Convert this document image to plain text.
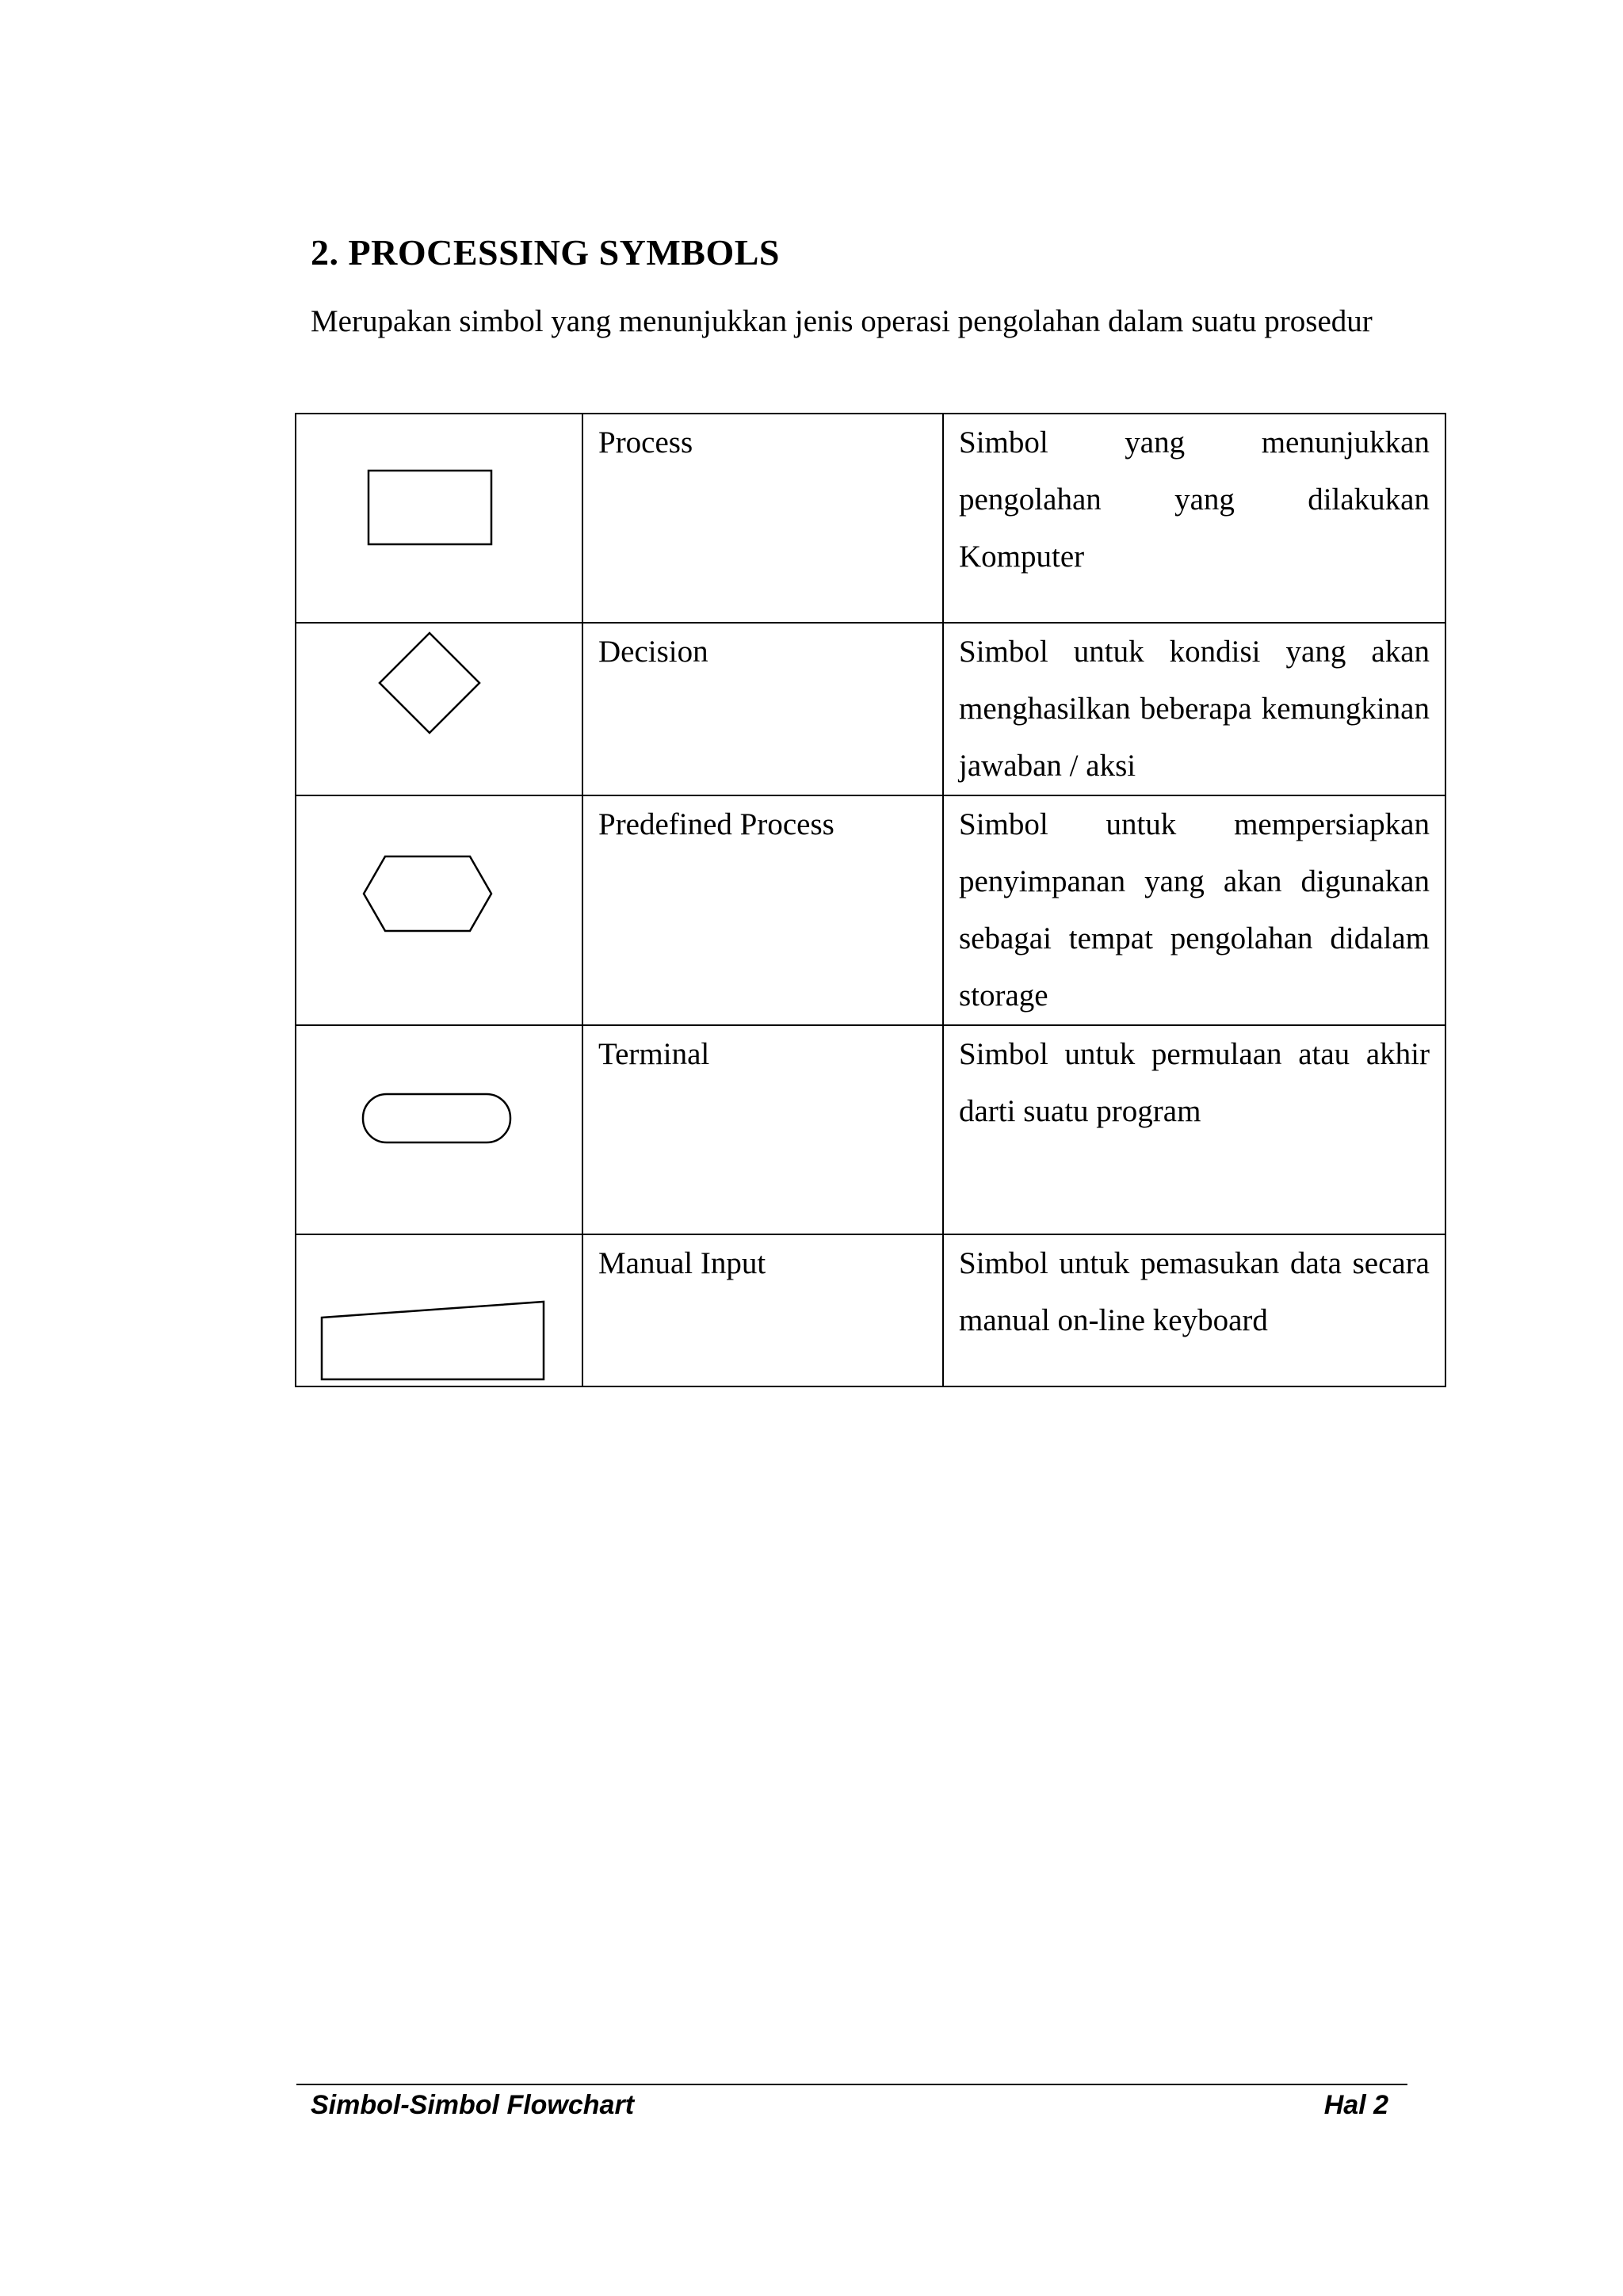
2. PROCESSING SYMBOLS
Merupakan simbol yang menunjukkan jenis operasi pengolahan dalam suatu prosedur

Process	Simbol yang menunjukkan pengolahan yang dilakukan Komputer

Decision	Simbol untuk kondisi yang akan menghasilkan beberapa kemungkinan jawaban / aksi

Predefined Process	Simbol untuk mempersiapkan penyimpanan yang akan digunakan sebagai tempat pengolahan didalam storage

Terminal	Simbol untuk permulaan atau akhir darti suatu program

Manual Input	Simbol untuk pemasukan data secara manual on-line keyboard
Simbol-Simbol Flowchart	Hal 2
